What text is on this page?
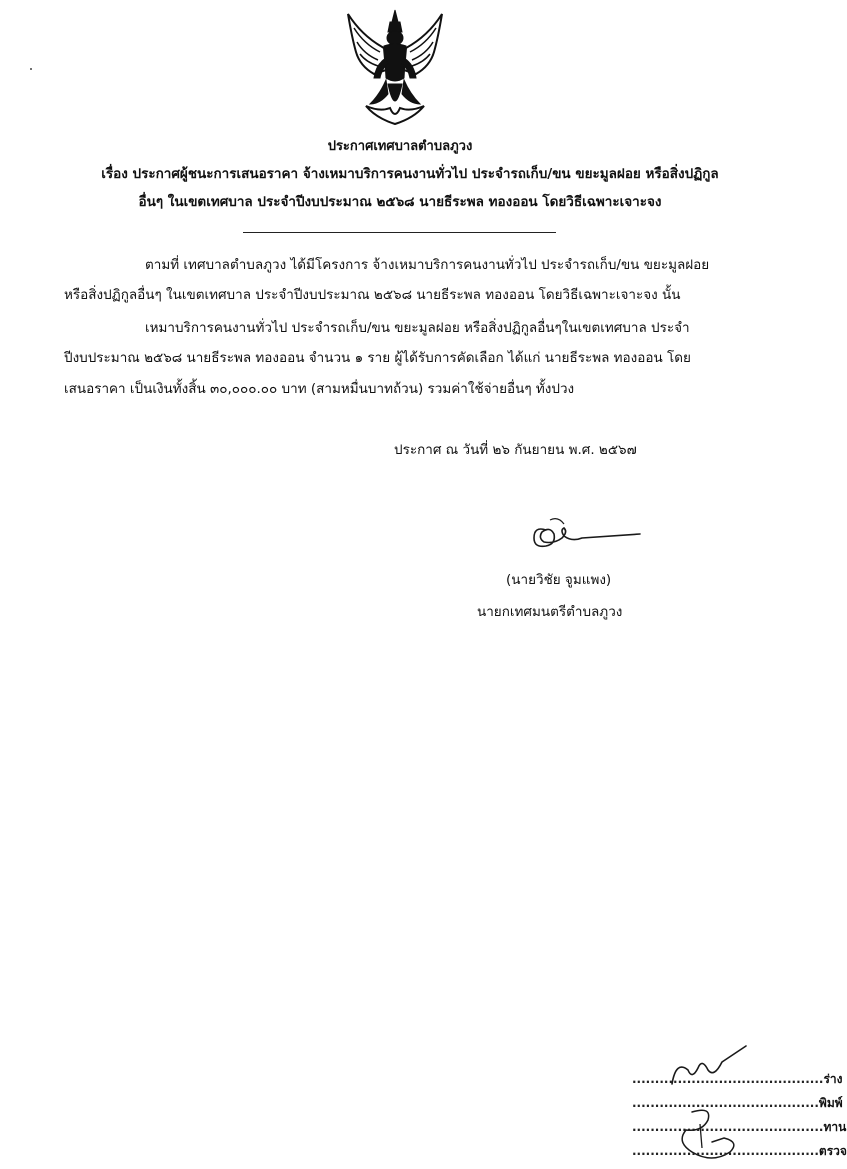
ประกาศเทศบาลตำบลภูวง
เรื่อง ประกาศผู้ชนะการเสนอราคา จ้างเหมาบริการคนงานทั่วไป ประจำรถเก็บ/ขน ขยะมูลฝอย หรือสิ่งปฏิกูล
อื่นๆ ในเขตเทศบาล ประจำปีงบประมาณ ๒๕๖๘ นายธีระพล ทองออน โดยวิธีเฉพาะเจาะจง
ตามที่ เทศบาลตำบลภูวง ได้มีโครงการ จ้างเหมาบริการคนงานทั่วไป ประจำรถเก็บ/ขน ขยะมูลฝอย
หรือสิ่งปฏิกูลอื่นๆ ในเขตเทศบาล ประจำปีงบประมาณ ๒๕๖๘ นายธีระพล ทองออน โดยวิธีเฉพาะเจาะจง นั้น
เหมาบริการคนงานทั่วไป ประจำรถเก็บ/ขน ขยะมูลฝอย หรือสิ่งปฏิกูลอื่นๆในเขตเทศบาล ประจำ
ปีงบประมาณ ๒๕๖๘ นายธีระพล ทองออน จำนวน ๑ ราย ผู้ได้รับการคัดเลือก ได้แก่ นายธีระพล ทองออน โดย
เสนอราคา เป็นเงินทั้งสิ้น ๓๐,๐๐๐.๐๐ บาท (สามหมื่นบาทถ้วน) รวมค่าใช้จ่ายอื่นๆ ทั้งปวง
ประกาศ ณ วันที่ ๒๖ กันยายน พ.ศ. ๒๕๖๗
(นายวิชัย จูมแพง)
นายกเทศมนตรีตำบลภูวง
..........................................ร่าง
.........................................พิมพ์
..........................................ทาน
.........................................ตรวจ
